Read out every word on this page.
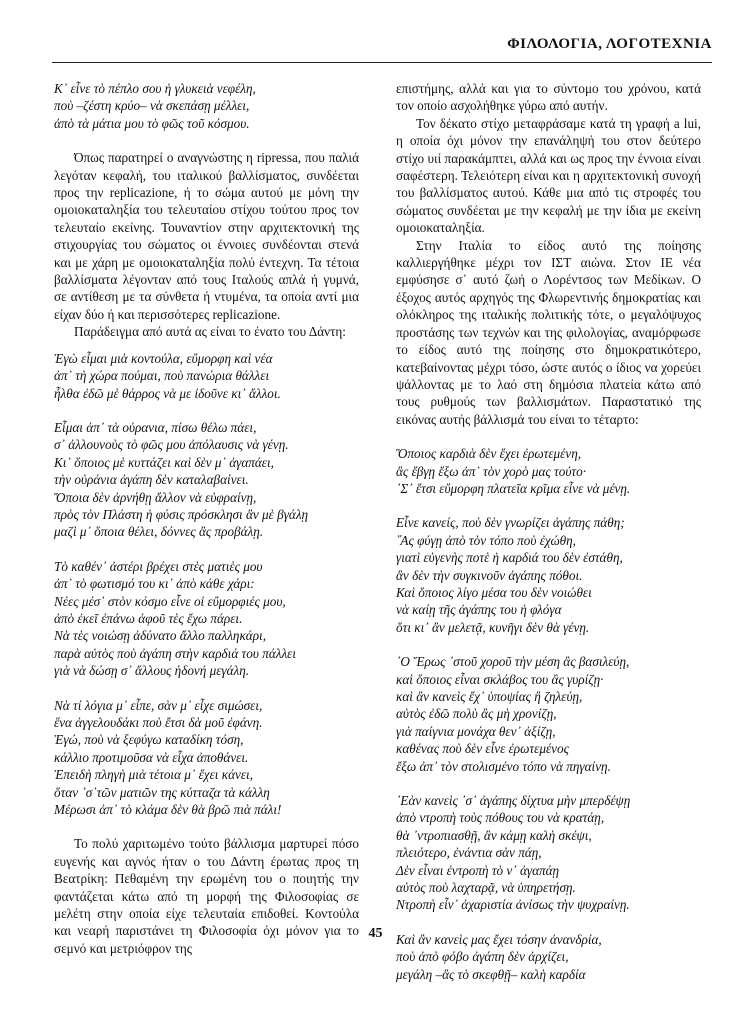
ΦΙΛΟΛΟΓΙΑ, ΛΟΓΟΤΕΧΝΙΑ
Κ᾽ εἶνε τὸ πέπλο σου ἡ γλυκειὰ νεφέλη,
ποὺ –ζέστη κρύο– νὰ σκεπάσῃ μέλλει,
ἀπὸ τὰ μάτια μου τὸ φῶς τοῦ κόσμου.

Όπως παρατηρεί ο αναγνώστης η ripressa, που παλιά λεγόταν κεφαλή, του ιταλικού βαλλίσματος, συνδέεται προς την replicazione, ή το σώμα αυτού με μόνη την ομοιοκαταληξία του τελευταίου στίχου τούτου προς τον τελευταίο εκείνης. Τουναντίον στην αρχιτεκτονική της στιχουργίας του σώματος οι έννοιες συνδέονται στενά και με χάρη με ομοιοκαταληξία πολύ έντεχνη. Τα τέτοια βαλλίσματα λέγονταν από τους Ιταλούς απλά ή γυμνά, σε αντίθεση με τα σύνθετα ή ντυμένα, τα οποία αντί μια είχαν δύο ή και περισσότερες replicazione.

Παράδειγμα από αυτά ας είναι το ένατο του Δάντη:

Ἐγὼ εἶμαι μιὰ κοντούλα, εὔμορφη καὶ νέα
ἀπ᾽ τὴ χώρα πούμαι, ποὺ πανώρια θάλλει
ἦλθα ἐδῶ μὲ θάρρος νὰ με ἰδοῦνε κι᾽ ἄλλοι.
Εἶμαι ἀπ᾽ τὰ οὐρανια, πίσω θέλω πάει,
σ᾽ ἀλλουνοὺς τὸ φῶς μου ἀπόλαυσις νὰ γένῃ.
Κι᾽ ὅποιος μὲ κυττάζει καὶ δὲν μ᾽ ἀγαπάει,
τὴν οὐράνια ἀγάπη δὲν καταλαβαίνει.
Ὅποια δὲν ἀρνήθῃ ἄλλον νὰ εὐφραίνῃ,
πρὸς τὸν Πλάστη ἡ φύσις πρόσκλησι ἂν μὲ βγάλῃ
μαζὶ μ᾽ ὅποια θέλει, δόννες ἂς προβάλῃ.
Τὸ καθέν᾽ ἀστέρι βρέχει στὲς ματιὲς μου
ἀπ᾽ τὸ φωτισμό του κι᾽ ἀπὸ κάθε χάρι:
Νέες μέσ᾽ στὸν κόσμο εἶνε οἱ εὔμορφιές μου,
ἀπὸ ἐκεῖ ἐπάνω ἀφοῦ τὲς ἔχω πάρει.
Νὰ τὲς νοιώσῃ ἀδύνατο ἄλλο παλληκάρι,
παρὰ αὐτὸς ποὺ ἀγάπη στὴν καρδιά του πάλλει
γιὰ νὰ δώσῃ σ᾽ ἄλλους ἡδονή μεγάλη.
Νὰ τί λόγια μ᾽ εἶπε, σὰν μ᾽ εἶχε σιμώσει,
ἕνα ἀγγελουδάκι ποὺ ἔτσι δὰ μοῦ ἐφάνη.
Ἐγώ, ποὺ νὰ ξεφύγω καταδίκη τόση,
κάλλιο προτιμοῦσα νὰ εἶχα ἀποθάνει.
Ἐπειδὴ πληγὴ μιὰ τέτοια μ᾽ ἔχει κάνει,
ὅταν ᾽σ᾽τῶν ματιῶν της κύτταζα τὰ κάλλη
Μέρωσι ἀπ᾽ τὸ κλάμα δὲν θὰ βρῶ πιὰ πάλι!

Το πολύ χαριτωμένο τούτο βάλλισμα μαρτυρεί πόσο ευγενής και αγνός ήταν ο του Δάντη έρωτας προς τη Βεατρίκη: Πεθαμένη την ερωμένη του ο ποιητής την φαντάζεται κάτω από τη μορφή της Φιλοσοφίας σε μελέτη στην οποία είχε τελευταία επιδοθεί. Κοντούλα και νεαρή παριστάνει τη Φιλοσοφία όχι μόνον για το σεμνό και μετριόφρον της

επιστήμης, αλλά και για το σύντομο του χρόνου, κατά τον οποίο ασχολήθηκε γύρω από αυτήν.

Τον δέκατο στίχο μεταφράσαμε κατά τη γραφή a lui, η οποία όχι μόνον την επανάληψή του στον δεύτερο στίχο υιί παρακάμπτει, αλλά και ως προς την έννοια είναι σαφέστερη. Τελειότερη είναι και η αρχιτεκτονική συνοχή του βαλλίσματος αυτού. Κάθε μια από τις στροφές του σώματος συνδέεται με την κεφαλή με την ίδια με εκείνη ομοιοκαταληξία.

Στην Ιταλία το είδος αυτό της ποίησης καλλιεργήθηκε μέχρι τον ΙΣΤ αιώνα. Στον ΙΕ νέα εμφύσησε σ᾽ αυτό ζωή ο Λορέντσος των Μεδίκων. Ο έξοχος αυτός αρχηγός της Φλωρεντινής δημοκρατίας και ολόκληρος της ιταλικής πολιτικής τότε, ο μεγαλόψυχος προστάσης των τεχνών και της φιλολογίας, αναμόρφωσε το είδος αυτό της ποίησης στο δημοκρατικότερο, κατεβαίνοντας μέχρι τόσο, ώστε αυτός ο ίδιος να χορεύει ψάλλοντας με το λαό στη δημόσια πλατεία κάτω από τους ρυθμούς των βαλλισμάτων. Παραστατικό της εικόνας αυτής βάλλισμά του είναι το τέταρτο:

Ὅποιος καρδιὰ δὲν ἔχει ἐρωτεμένη,
ἂς ἔβγῃ ἔξω ἀπ᾽ τὸν χορὸ μας τούτο·
᾽Σ᾽ ἔτσι εὔμορφη πλατεῖα κρῖμα εἶνε νὰ μένῃ.
Εἶνε κανείς, ποὺ δὲν γνωρίζει ἀγάπης πάθη;
῞Ας φύγῃ ἀπὸ τὸν τόπο ποὺ ἐχώθη,
γιατὶ εὐγενὴς ποτὲ ἡ καρδιά του δὲν ἐστάθη,
ἂν δὲν τὴν συγκινοῦν ἀγάπης πόθοι.
Καὶ ὅποιος λίγο μέσα του δὲν νοιώθει
νὰ καίῃ τῆς ἀγάπης του ἡ φλόγα
ὅτι κι᾽ ἂν μελετᾷ, κυνῆγι δὲν θὰ γένῃ.
᾽Ο Ἔρως ᾽στοῦ χοροῦ τὴν μέση ἂς βασιλεύῃ,
καὶ ὅποιος εἶναι σκλάβος του ἂς γυρίζῃ·
καὶ ἂν κανεὶς ἔχ᾽ ὑποψίας ἢ ζηλεύῃ,
αὐτὸς ἐδῶ πολὺ ἂς μὴ χρονίζῃ,
γιὰ παίγνια μονάχα θεν᾽ ἀξίζῃ,
καθένας ποὺ δὲν εἶνε ἐρωτεμένος
ἔξω ἀπ᾽ τὸν στολισμένο τόπο νὰ πηγαίνῃ.
᾽Εὰν κανεὶς ᾽σ᾽ ἀγάπης δίχτυα μὴν μπερδέψῃ
ἀπὸ ντροπὴ τοὺς πόθους του νὰ κρατάῃ,
θὰ ᾽ντροπιασθῇ, ἂν κάμῃ καλὴ σκέψι,
πλειότερο, ἐνάντια σὰν πάῃ,
Δὲν εἶναι ἐντροπὴ τὸ ν᾽ ἀγαπάῃ
αὐτὸς ποὺ λαχταρᾷ, νὰ ὑπηρετήσῃ.
Ντροπὴ εἶν᾽ ἀχαριστία ἀνίσως τὴν ψυχραίνῃ.
Καὶ ἂν κανεὶς μας ἔχει τόσην ἀνανδρία,
ποὺ ἀπὸ φόβο ἀγάπη δὲν ἀρχίζει,
μεγάλη –ἂς τὸ σκεφθῇ– καλὴ καρδία
45
